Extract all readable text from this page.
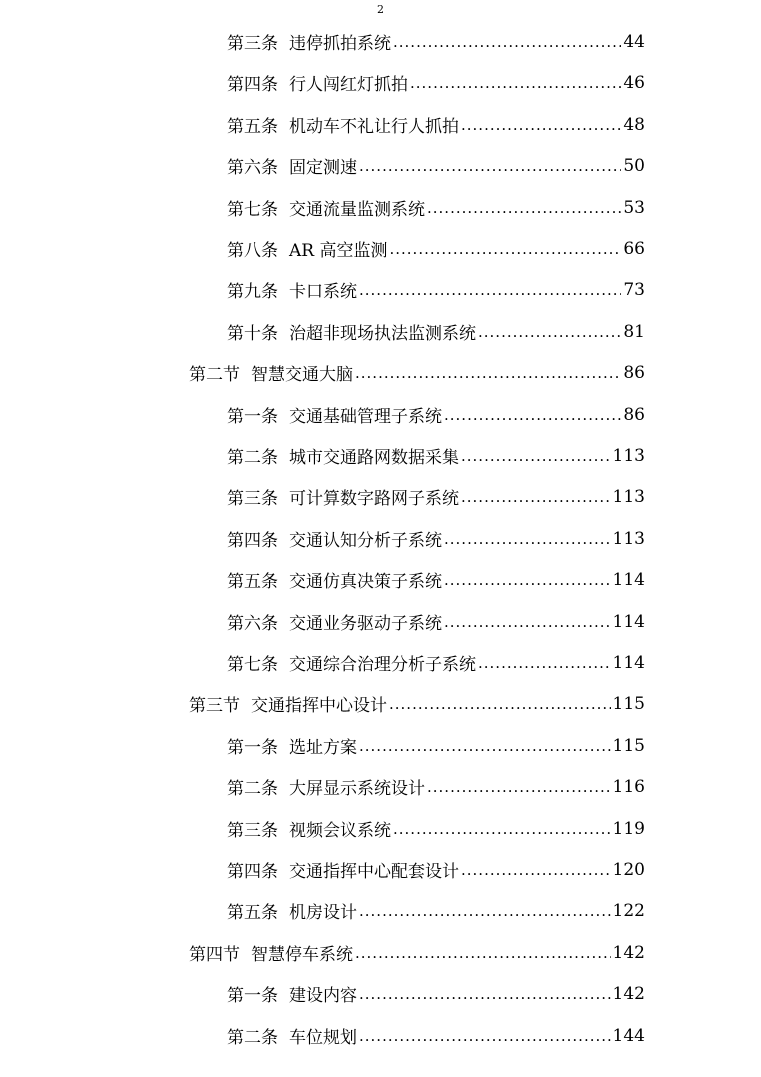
2
第三条 违停抓拍系统 .....	44
第四条 行人闯红灯抓拍 .....	46
第五条 机动车不礼让行人抓拍 .....	48
第六条 固定测速 .....	50
第七条 交通流量监测系统 .....	53
第八条 AR 高空监测 .....	66
第九条 卡口系统 .....	73
第十条 治超非现场执法监测系统 .....	81
第二节 智慧交通大脑 .....	86
第一条 交通基础管理子系统 .....	86
第二条 城市交通路网数据采集 .....	113
第三条 可计算数字路网子系统 .....	113
第四条 交通认知分析子系统 .....	113
第五条 交通仿真决策子系统 .....	114
第六条 交通业务驱动子系统 .....	114
第七条 交通综合治理分析子系统 .....	114
第三节 交通指挥中心设计 .....	115
第一条 选址方案 .....	115
第二条 大屏显示系统设计 .....	116
第三条 视频会议系统 .....	119
第四条 交通指挥中心配套设计 .....	120
第五条 机房设计 .....	122
第四节 智慧停车系统 .....	142
第一条 建设内容 .....	142
第二条 车位规划 .....	144
